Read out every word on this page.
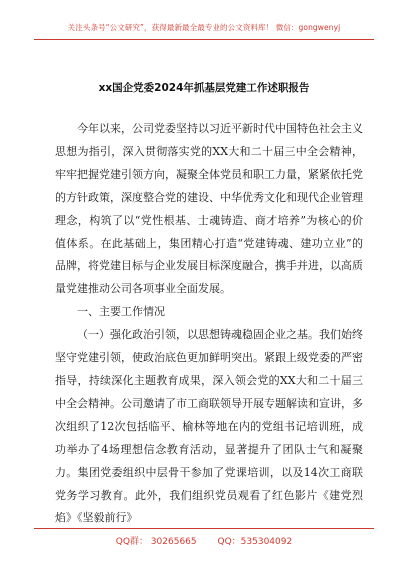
关注头条号“公文研究”，获得最新最全最专业的公文资料库！ 微信：gongwenyj
xx国企党委2024年抓基层党建工作述职报告

今年以来，公司党委坚持以习近平新时代中国特色社会主义思想为指引，深入贯彻落实党的XX大和二十届三中全会精神，牢牢把握党建引领方向，凝聚全体党员和职工力量，紧紧依托党的方针政策，深度整合党的建设、中华优秀文化和现代企业管理理念，构筑了以“党性根基、士魂铸造、商才培养”为核心的价值体系。在此基础上，集团精心打造“党建铸魂、建功立业”的品牌，将党建目标与企业发展目标深度融合，携手并进，以高质量党建推动公司各项事业全面发展。

一、主要工作情况

（一）强化政治引领，以思想铸魂稳固企业之基。我们始终坚守党建引领，使政治底色更加鲜明突出。紧跟上级党委的严密指导，持续深化主题教育成果，深入领会党的XX大和二十届三中全会精神。公司邀请了市工商联领导开展专题解读和宣讲，多次组织了12次包括临平、榆林等地在内的党组书记培训班，成功举办了4场理想信念教育活动，显著提升了团队士气和凝聚力。集团党委组织中层骨干参加了党课培训，以及14次工商联党务学习教育。此外，我们组织党员观看了红色影片《建党烈焰》《坚毅前行》

QQ群： 30265665 QQ：535304092
